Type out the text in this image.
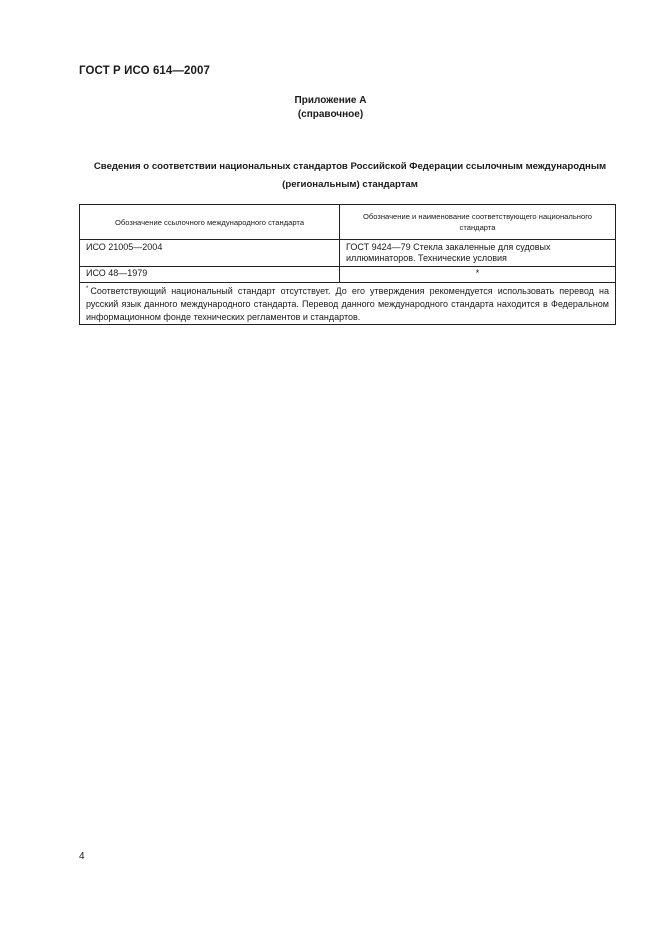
ГОСТ Р ИСО 614—2007
Приложение А
(справочное)
Сведения о соответствии национальных стандартов Российской Федерации ссылочным международным (региональным) стандартам
Обозначение ссылочного международного стандарта	Обозначение и наименование соответствующего национального стандарта
ИСО 21005—2004	ГОСТ 9424—79 Стекла закаленные для судовых иллюминаторов. Технические условия
ИСО 48—1979	*
* Соответствующий национальный стандарт отсутствует. До его утверждения рекомендуется использовать перевод на русский язык данного международного стандарта. Перевод данного международного стандарта находится в Федеральном информационном фонде технических регламентов и стандартов.	
4
